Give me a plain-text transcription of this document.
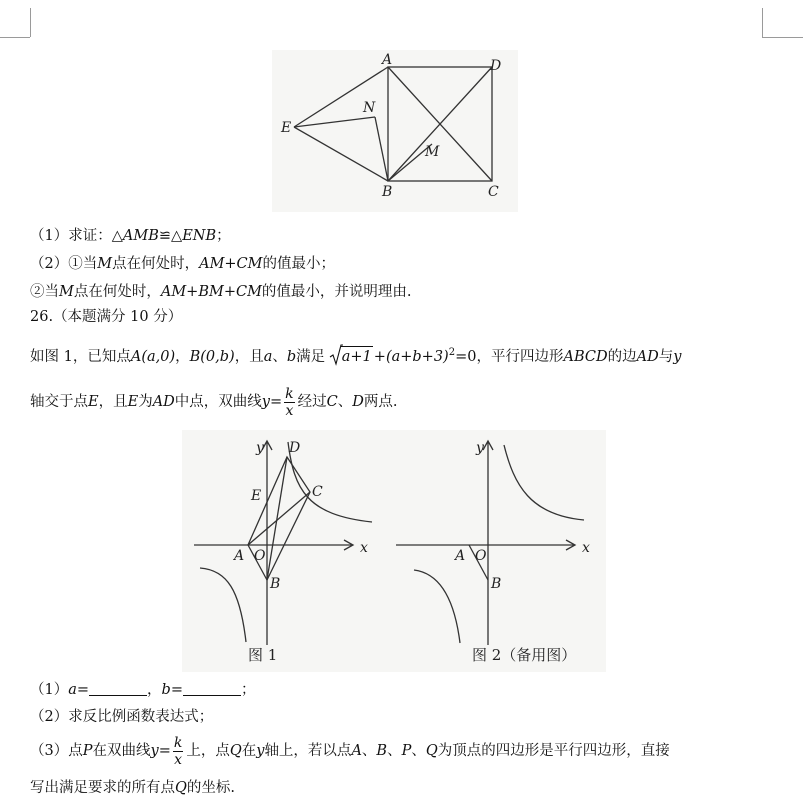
A	D
N
E
M
B	C
（1）求证：△AMB≌△ENB；
（2）①当M点在何处时，AM+CM的值最小；
②当M点在何处时，AM+BM+CM的值最小，并说明理由.
26.（本题满分 10 分）
如图 1，已知点A(a,0)，B(0,b)，且a、b满足 $a+1 +(a+b+3)^2=0$，平行四边形ABCD的边AD与y
轴交于点E，且E为AD中点，双曲线$y= \frac{k}{x}$ 经过C、D两点.
y D
E	C
A O	x
B
y
A O	x
B
图 1	图 2（备用图）
（1）a=	，b=	；
（2）求反比例函数表达式；
（3）点P在双曲线$y= \frac{k}{x}$ 上，点Q在y轴上，若以点A、B、P、Q为顶点的四边形是平行四边形，直接
写出满足要求的所有点Q的坐标.
